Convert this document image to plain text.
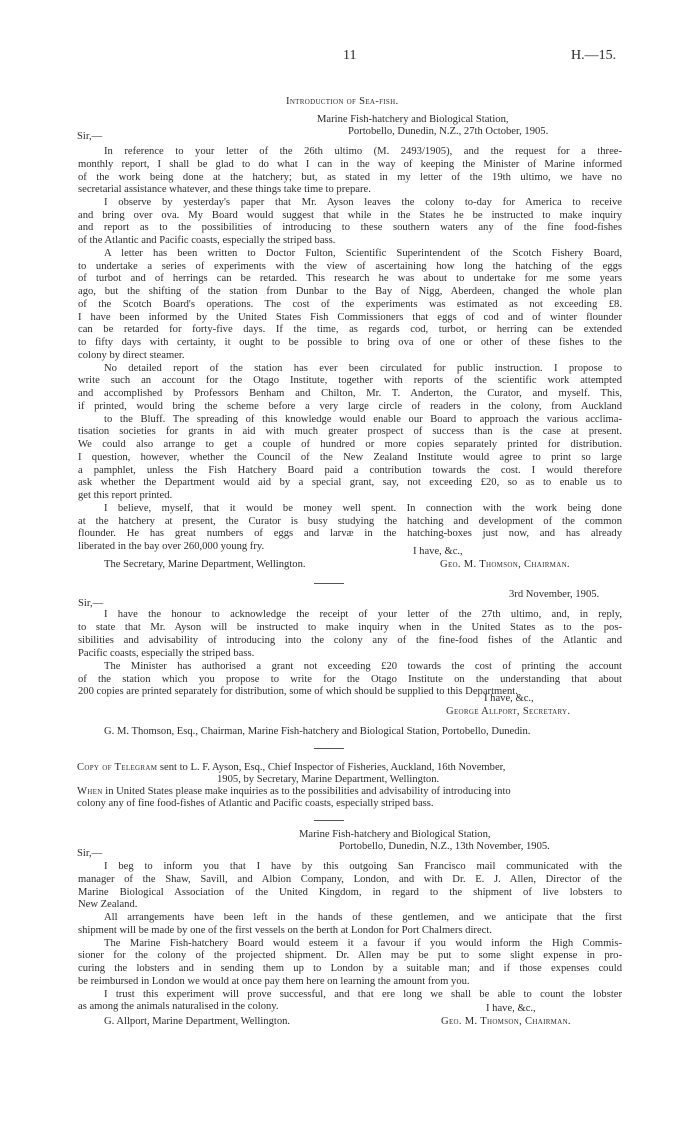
11	H.—15.
Introduction of Sea-fish.
Marine Fish-hatchery and Biological Station,
Portobello, Dunedin, N.Z., 27th October, 1905.
Sir,—
In reference to your letter of the 26th ultimo (M. 2493/1905), and the request for a three-
monthly report, I shall be glad to do what I can in the way of keeping the Minister of Marine informed
of the work being done at the hatchery; but, as stated in my letter of the 19th ultimo, we have no
secretarial assistance whatever, and these things take time to prepare.
I observe by yesterday's paper that Mr. Ayson leaves the colony to-day for America to receive
and bring over ova. My Board would suggest that while in the States he be instructed to make inquiry
and report as to the possibilities of introducing to these southern waters any of the fine food-fishes
of the Atlantic and Pacific coasts, especially the striped bass.
A letter has been written to Doctor Fulton, Scientific Superintendent of the Scotch Fishery Board,
to undertake a series of experiments with the view of ascertaining how long the hatching of the eggs
of turbot and of herrings can be retarded. This research he was about to undertake for me some years
ago, but the shifting of the station from Dunbar to the Bay of Nigg, Aberdeen, changed the whole plan
of the Scotch Board's operations. The cost of the experiments was estimated as not exceeding £8.
I have been informed by the United States Fish Commissioners that eggs of cod and of winter flounder
can be retarded for forty-five days. If the time, as regards cod, turbot, or herring can be extended
to fifty days with certainty, it ought to be possible to bring ova of one or other of these fishes to the
colony by direct steamer.
No detailed report of the station has ever been circulated for public instruction. I propose to
write such an account for the Otago Institute, together with reports of the scientific work attempted
and accomplished by Professors Benham and Chilton, Mr. T. Anderton, the Curator, and myself. This,
if printed, would bring the scheme before a very large circle of readers in the colony, from Auckland
to the Bluff. The spreading of this knowledge would enable our Board to approach the various acclima-
tisation societies for grants in aid with much greater prospect of success than is the case at present.
We could also arrange to get a couple of hundred or more copies separately printed for distribution.
I question, however, whether the Council of the New Zealand Institute would agree to print so large
a pamphlet, unless the Fish Hatchery Board paid a contribution towards the cost. I would therefore
ask whether the Department would aid by a special grant, say, not exceeding £20, so as to enable us to
get this report printed.
I believe, myself, that it would be money well spent. In connection with the work being done
at the hatchery at present, the Curator is busy studying the hatching and development of the common
flounder. He has great numbers of eggs and larvæ in the hatching-boxes just now, and has already
liberated in the bay over 260,000 young fry.	I have, &c.,
The Secretary, Marine Department, Wellington.	Geo. M. Thomson, Chairman.
Sir,—
3rd November, 1905.
I have the honour to acknowledge the receipt of your letter of the 27th ultimo, and, in reply,
to state that Mr. Ayson will be instructed to make inquiry when in the United States as to the pos-
sibilities and advisability of introducing into the colony any of the fine-food fishes of the Atlantic and
Pacific coasts, especially the striped bass.
The Minister has authorised a grant not exceeding £20 towards the cost of printing the account
of the station which you propose to write for the Otago Institute on the understanding that about
200 copies are printed separately for distribution, some of which should be supplied to this Department.
I have, &c.,
George Allport, Secretary.
G. M. Thomson, Esq., Chairman, Marine Fish-hatchery and Biological Station, Portobello, Dunedin.
Copy of Telegram sent to L. F. Ayson, Esq., Chief Inspector of Fisheries, Auckland, 16th November,
1905, by Secretary, Marine Department, Wellington.
When in United States please make inquiries as to the possibilities and advisability of introducing into
colony any of fine food-fishes of Atlantic and Pacific coasts, especially striped bass.
Marine Fish-hatchery and Biological Station,
Portobello, Dunedin, N.Z., 13th November, 1905.
Sir,—
I beg to inform you that I have by this outgoing San Francisco mail communicated with the
manager of the Shaw, Savill, and Albion Company, London, and with Dr. E. J. Allen, Director of the
Marine Biological Association of the United Kingdom, in regard to the shipment of live lobsters to
New Zealand.
All arrangements have been left in the hands of these gentlemen, and we anticipate that the first
shipment will be made by one of the first vessels on the berth at London for Port Chalmers direct.
The Marine Fish-hatchery Board would esteem it a favour if you would inform the High Commis-
sioner for the colony of the projected shipment. Dr. Allen may be put to some slight expense in pro-
curing the lobsters and in sending them up to London by a suitable man; and if those expenses could
be reimbursed in London we would at once pay them here on learning the amount from you.
I trust this experiment will prove successful, and that ere long we shall be able to count the lobster
as among the animals naturalised in the colony.	I have, &c.,
G. Allport, Marine Department, Wellington.	Geo. M. Thomson, Chairman.
